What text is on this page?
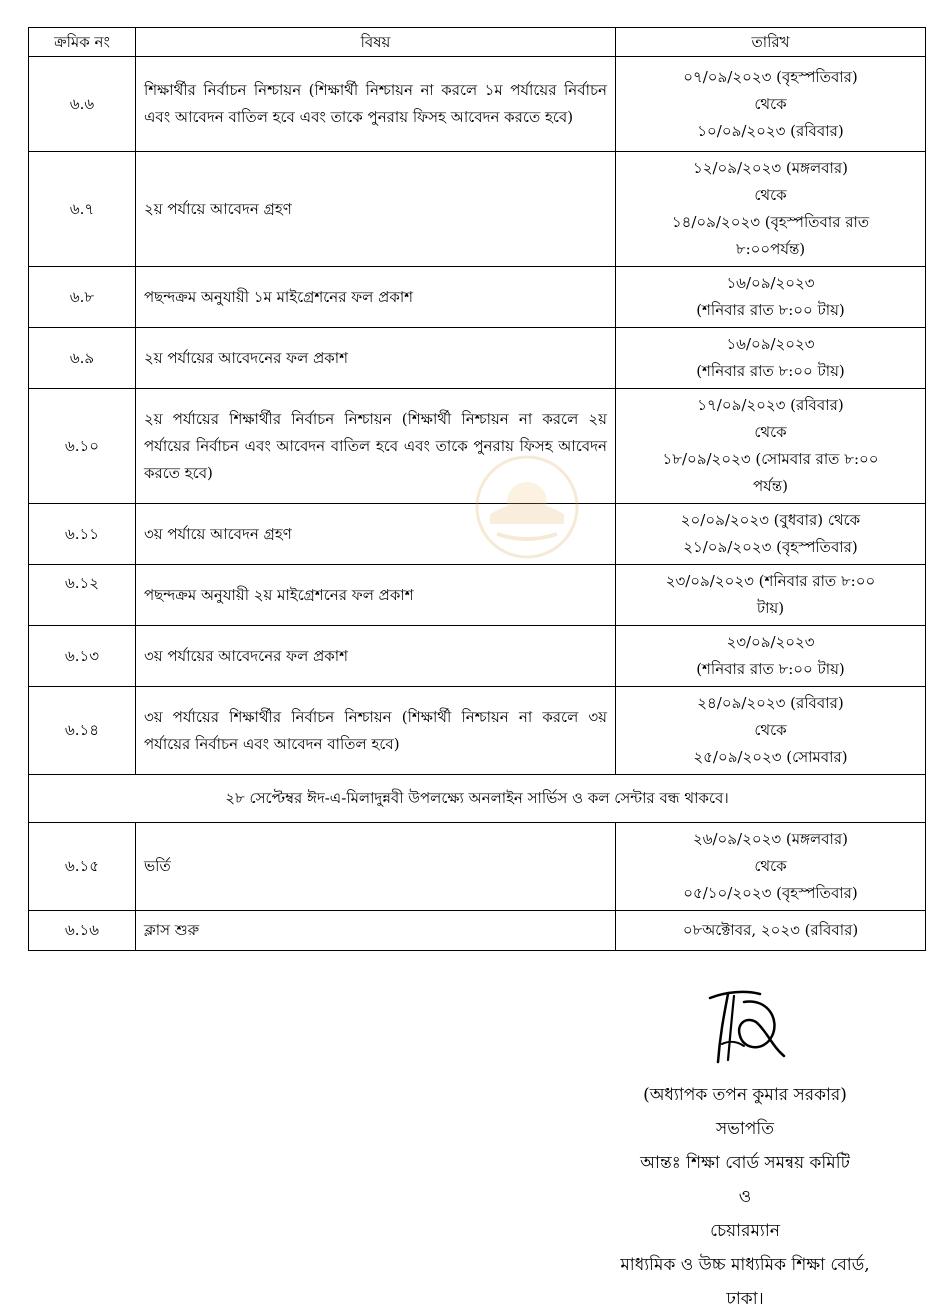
ক্রমিক নং	বিষয়	তারিখ
৬.৬	শিক্ষার্থীর নির্বাচন নিশ্চায়ন (শিক্ষার্থী নিশ্চায়ন না করলে ১ম পর্যায়ের নির্বাচন এবং আবেদন বাতিল হবে এবং তাকে পুনরায় ফিসহ আবেদন করতে হবে)	০৭/০৯/২০২৩ (বৃহস্পতিবার)
থেকে
১০/০৯/২০২৩ (রবিবার)

৬.৭	২য় পর্যায়ে আবেদন গ্রহণ	১২/০৯/২০২৩ (মঙ্গলবার)
থেকে
১৪/০৯/২০২৩ (বৃহস্পতিবার রাত
৮:০০পর্যন্ত)

৬.৮	পছন্দক্রম অনুযায়ী ১ম মাইগ্রেশনের ফল প্রকাশ	১৬/০৯/২০২৩
(শনিবার রাত ৮:০০ টায়)

৬.৯	২য় পর্যায়ের আবেদনের ফল প্রকাশ	১৬/০৯/২০২৩
(শনিবার রাত ৮:০০ টায়)

৬.১০	২য় পর্যায়ের শিক্ষার্থীর নির্বাচন নিশ্চায়ন (শিক্ষার্থী নিশ্চায়ন না করলে ২য় পর্যায়ের নির্বাচন এবং আবেদন বাতিল হবে এবং তাকে পুনরায় ফিসহ আবেদন করতে হবে)	১৭/০৯/২০২৩ (রবিবার)
থেকে
১৮/০৯/২০২৩ (সোমবার রাত ৮:০০
পর্যন্ত)

৬.১১	৩য় পর্যায়ে আবেদন গ্রহণ	২০/০৯/২০২৩ (বুধবার) থেকে
২১/০৯/২০২৩ (বৃহস্পতিবার)

৬.১২	পছন্দক্রম অনুযায়ী ২য় মাইগ্রেশনের ফল প্রকাশ	২৩/০৯/২০২৩ (শনিবার রাত ৮:০০
টায়)

৬.১৩	৩য় পর্যায়ের আবেদনের ফল প্রকাশ	২৩/০৯/২০২৩
(শনিবার রাত ৮:০০ টায়)

৬.১৪	৩য় পর্যায়ের শিক্ষার্থীর নির্বাচন নিশ্চায়ন (শিক্ষার্থী নিশ্চায়ন না করলে ৩য় পর্যায়ের নির্বাচন এবং আবেদন বাতিল হবে)	২৪/০৯/২০২৩ (রবিবার)
থেকে
২৫/০৯/২০২৩ (সোমবার)

২৮ সেপ্টেম্বর ঈদ-এ-মিলাদুন্নবী উপলক্ষ্যে অনলাইন সার্ভিস ও কল সেন্টার বন্ধ থাকবে।		
৬.১৫	ভর্তি	২৬/০৯/২০২৩ (মঙ্গলবার)
থেকে
০৫/১০/২০২৩ (বৃহস্পতিবার)

৬.১৬	ক্লাস শুরু	০৮অক্টোবর, ২০২৩ (রবিবার)
(অধ্যাপক তপন কুমার সরকার)
সভাপতি
আন্তঃ শিক্ষা বোর্ড সমন্বয় কমিটি
ও
চেয়ারম্যান
মাধ্যমিক ও উচ্চ মাধ্যমিক শিক্ষা বোর্ড,
ঢাকা।
